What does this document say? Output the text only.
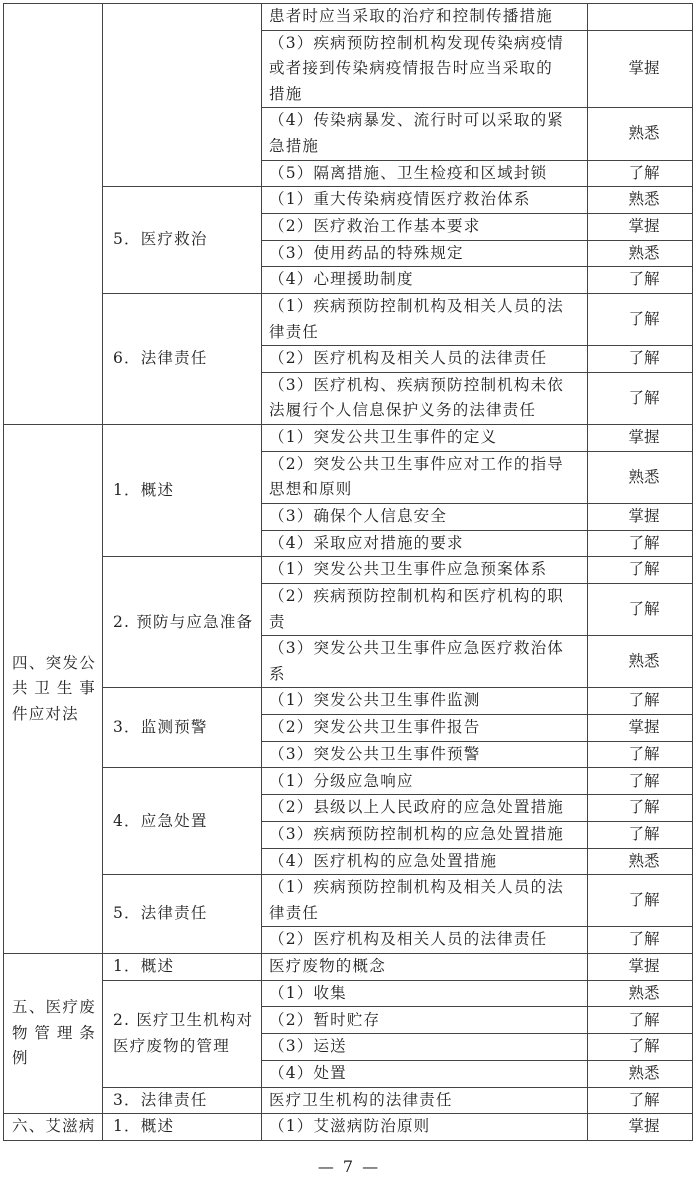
		患者时应当采取的治疗和控制传播措施	

		（3）疾病预防控制机构发现传染病疫情
或者接到传染病疫情报告时应当采取的
措施	掌握

		（4）传染病暴发、流行时可以采取的紧
急措施	熟悉

		（5）隔离措施、卫生检疫和区域封锁	了解

	5．医疗救治	（1）重大传染病疫情医疗救治体系	熟悉

		（2）医疗救治工作基本要求	掌握

		（3）使用药品的特殊规定	熟悉

		（4）心理援助制度	了解

	6．法律责任	（1）疾病预防控制机构及相关人员的法
律责任	了解

		（2）医疗机构及相关人员的法律责任	了解

		（3）医疗机构、疾病预防控制机构未依
法履行个人信息保护义务的法律责任	了解

四、突发公
共卫生事
件应对法	1．概述	（1）突发公共卫生事件的定义	掌握

		（2）突发公共卫生事件应对工作的指导
思想和原则	熟悉

		（3）确保个人信息安全	掌握

		（4）采取应对措施的要求	了解

	2. 预防与应急准备	（1）突发公共卫生事件应急预案体系	了解

		（2）疾病预防控制机构和医疗机构的职
责	了解

		（3）突发公共卫生事件应急医疗救治体
系	熟悉

	3．监测预警	（1）突发公共卫生事件监测	了解

		（2）突发公共卫生事件报告	掌握

		（3）突发公共卫生事件预警	了解

	4．应急处置	（1）分级应急响应	了解

		（2）县级以上人民政府的应急处置措施	了解

		（3）疾病预防控制机构的应急处置措施	了解

		（4）医疗机构的应急处置措施	熟悉

	5．法律责任	（1）疾病预防控制机构及相关人员的法
律责任	了解

		（2）医疗机构及相关人员的法律责任	了解

五、医疗废
物管理条
例	1．概述	医疗废物的概念	掌握

	2. 医疗卫生机构对
医疗废物的管理	（1）收集	熟悉

		（2）暂时贮存	了解

		（3）运送	了解

		（4）处置	熟悉

	3．法律责任	医疗卫生机构的法律责任	了解

六、艾滋病	1．概述	（1）艾滋病防治原则	掌握
— 7 —
